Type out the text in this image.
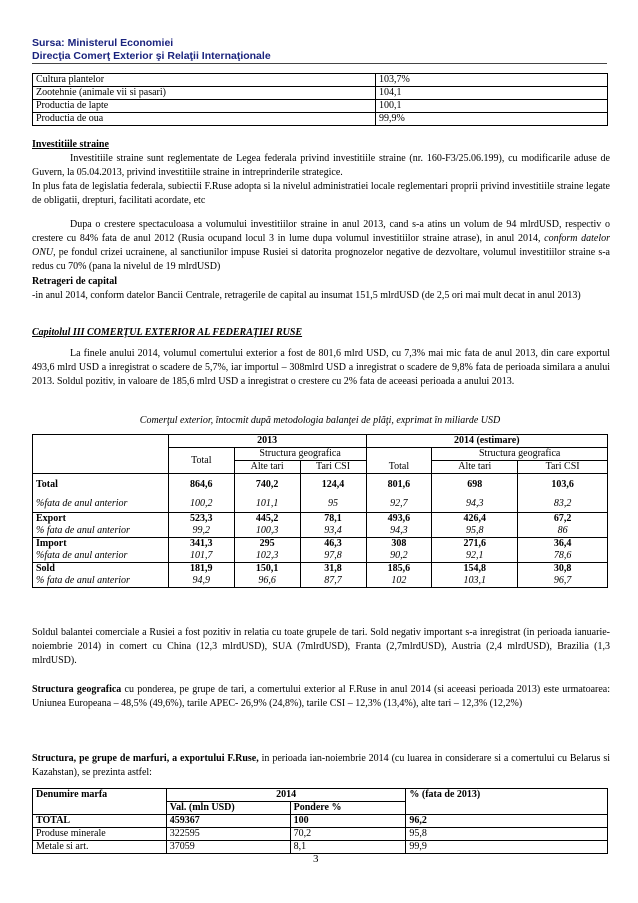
Sursa: Ministerul Economiei
Direcţia Comerţ Exterior şi Relaţii Internaţionale
Cultura plantelor	103,7%
Zootehnie (animale vii si pasari)	104,1
Productia de lapte	100,1
Productia de oua	99,9%
Investitiile straine
Investitiile straine sunt reglementate de Legea federala privind investitiile straine (nr. 160-F3/25.06.199), cu modificarile aduse de Guvern, la 05.04.2013, privind investitiile straine in intreprinderile strategice.
In plus fata de legislatia federala, subiectii F.Ruse adopta si la nivelul administratiei locale reglementari proprii privind investitiile straine legate de obligatii, drepturi, facilitati acordate, etc
Dupa o crestere spectaculoasa a volumului investitiilor straine in anul 2013, cand s-a atins un volum de 94 mlrdUSD, respectiv o crestere cu 84% fata de anul 2012 (Rusia ocupand locul 3 in lume dupa volumul investitiilor straine atrase), in anul 2014, conform datelor ONU, pe fondul crizei ucrainene, al sanctiunilor impuse Rusiei si datorita prognozelor negative de dezvoltare, volumul investitiilor straine s-a redus cu 70% (pana la nivelul de 19 mlrdUSD)
Retrageri de capital
-in anul 2014, conform datelor Bancii Centrale, retragerile de capital au insumat 151,5 mlrdUSD (de 2,5 ori mai mult decat in anul 2013)
Capitolul III COMERŢUL EXTERIOR AL FEDERAŢIEI RUSE
La finele anului 2014, volumul comertului exterior a fost de 801,6 mlrd USD, cu 7,3% mai mic fata de anul 2013, din care exportul 493,6 mlrd USD a inregistrat o scadere de 5,7%, iar importul – 308mlrd USD a inregistrat o scadere de 9,8% fata de perioada similara a anului 2013. Soldul pozitiv, in valoare de 185,6 mlrd USD a inregistrat o crestere cu 2% fata de aceeasi perioada a anului 2013.
Comerţul exterior, întocmit după metodologia balanţei de plăţi, exprimat în miliarde USD
	2013			2014 (estimare)		
	Total	Structura geografica		Total	Structura geografica	
		Alte tari	Tari CSI		Alte tari	Tari CSI
Total	864,6	740,2	124,4	801,6	698	103,6
%fata de anul anterior	100,2	101,1	95	92,7	94,3	83,2
Export	523,3	445,2	78,1	493,6	426,4	67,2
% fata de anul anterior	99,2	100,3	93,4	94,3	95,8	86
Import	341,3	295	46,3	308	271,6	36,4
%fata de anul anterior	101,7	102,3	97,8	90,2	92,1	78,6
Sold	181,9	150,1	31,8	185,6	154,8	30,8
% fata de anul anterior	94,9	96,6	87,7	102	103,1	96,7
Soldul balantei comerciale a Rusiei a fost pozitiv in relatia cu toate grupele de tari. Sold negativ important s-a inregistrat (in perioada ianuarie-noiembrie 2014) in comert cu China (12,3 mlrdUSD), SUA (7mlrdUSD), Franta (2,7mlrdUSD), Austria (2,4 mlrdUSD), Brazilia (1,3 mlrdUSD).
Structura geografica cu ponderea, pe grupe de tari, a comertului exterior al F.Ruse in anul 2014 (si aceeasi perioada 2013) este urmatoarea: Uniunea Europeana – 48,5% (49,6%), tarile APEC- 26,9% (24,8%), tarile CSI – 12,3% (13,4%), alte tari – 12,3% (12,2%)
Structura, pe grupe de marfuri, a exportului F.Ruse, in perioada ian-noiembrie 2014 (cu luarea in considerare si a comertului cu Belarus si Kazahstan), se prezinta astfel:
Denumire marfa	2014		% (fata de 2013)
	Val. (mln USD)	Pondere %	
TOTAL	459367	100	96,2
Produse minerale	322595	70,2	95,8
Metale si art.	37059	8,1	99,9
3
